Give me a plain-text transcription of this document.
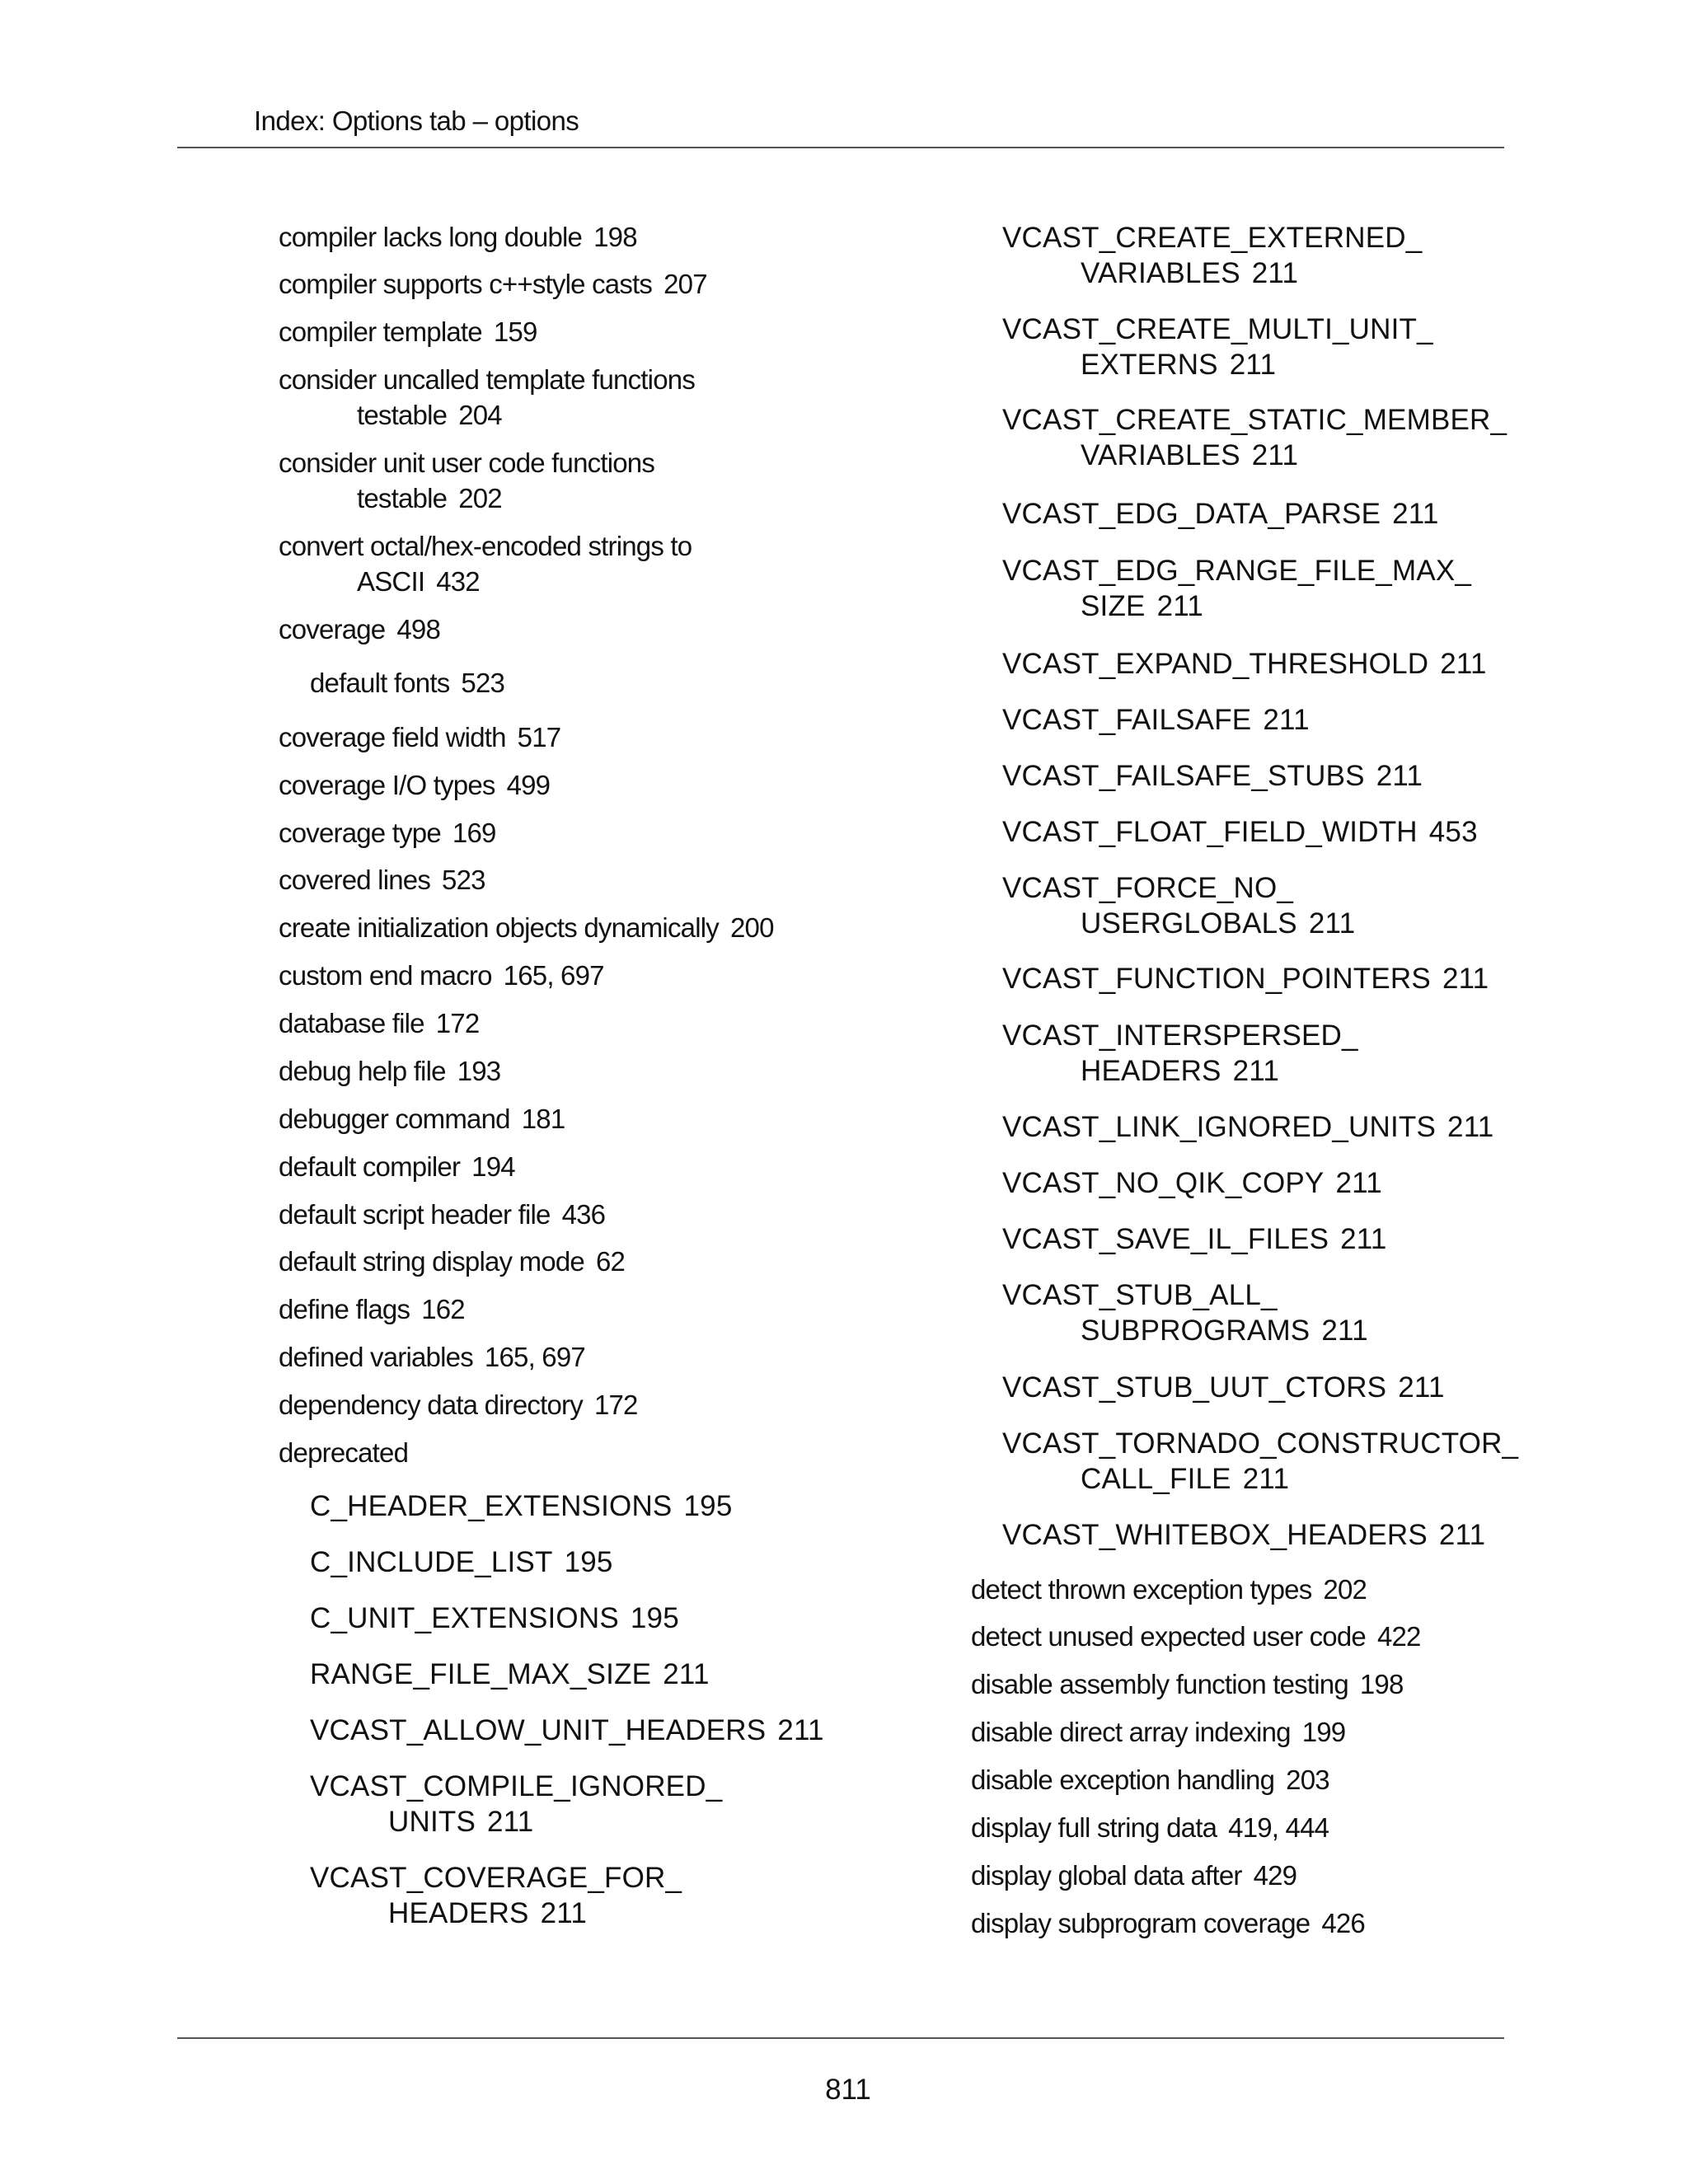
Index: Options tab – options
compiler lacks long double 198
compiler supports c++style casts 207
compiler template 159
consider uncalled template functions
testable 204
consider unit user code functions
testable 202
convert octal/hex-encoded strings to
ASCII 432
coverage 498
default fonts 523
coverage field width 517
coverage I/O types 499
coverage type 169
covered lines 523
create initialization objects dynamically 200
custom end macro 165, 697
database file 172
debug help file 193
debugger command 181
default compiler 194
default script header file 436
default string display mode 62
define flags 162
defined variables 165, 697
dependency data directory 172
deprecated
C_HEADER_EXTENSIONS 195
C_INCLUDE_LIST 195
C_UNIT_EXTENSIONS 195
RANGE_FILE_MAX_SIZE 211
VCAST_ALLOW_UNIT_HEADERS 211
VCAST_COMPILE_IGNORED_
UNITS 211
VCAST_COVERAGE_FOR_
HEADERS 211
VCAST_CREATE_EXTERNED_
VARIABLES 211
VCAST_CREATE_MULTI_UNIT_
EXTERNS 211
VCAST_CREATE_STATIC_MEMBER_
VARIABLES 211
VCAST_EDG_DATA_PARSE 211
VCAST_EDG_RANGE_FILE_MAX_
SIZE 211
VCAST_EXPAND_THRESHOLD 211
VCAST_FAILSAFE 211
VCAST_FAILSAFE_STUBS 211
VCAST_FLOAT_FIELD_WIDTH 453
VCAST_FORCE_NO_
USERGLOBALS 211
VCAST_FUNCTION_POINTERS 211
VCAST_INTERSPERSED_
HEADERS 211
VCAST_LINK_IGNORED_UNITS 211
VCAST_NO_QIK_COPY 211
VCAST_SAVE_IL_FILES 211
VCAST_STUB_ALL_
SUBPROGRAMS 211
VCAST_STUB_UUT_CTORS 211
VCAST_TORNADO_CONSTRUCTOR_
CALL_FILE 211
VCAST_WHITEBOX_HEADERS 211
detect thrown exception types 202
detect unused expected user code 422
disable assembly function testing 198
disable direct array indexing 199
disable exception handling 203
display full string data 419, 444
display global data after 429
display subprogram coverage 426
811
